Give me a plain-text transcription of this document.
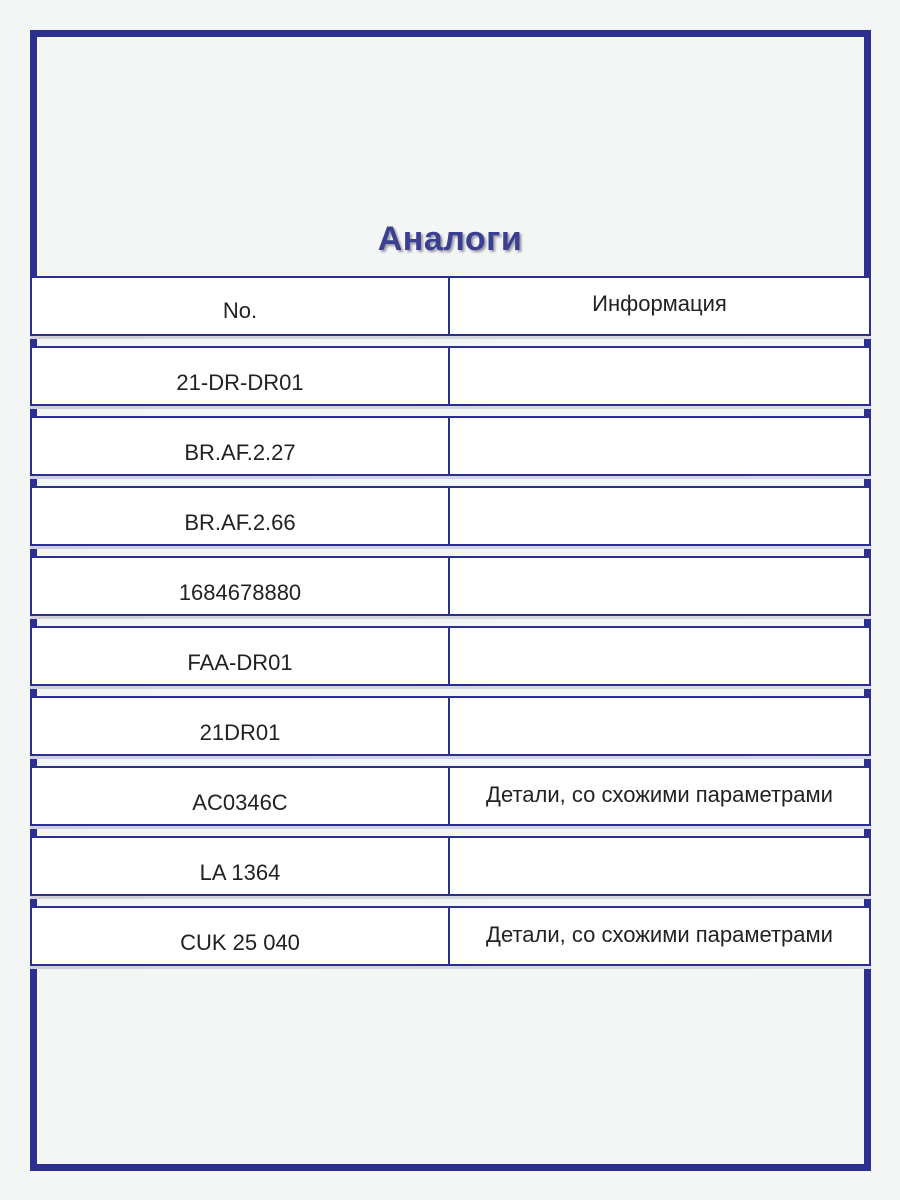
Аналоги
No.	Информация
21-DR-DR01
BR.AF.2.27
BR.AF.2.66
1684678880
FAA-DR01
21DR01
AC0346C	Детали, со схожими параметрами
LA 1364
CUK 25 040	Детали, со схожими параметрами
